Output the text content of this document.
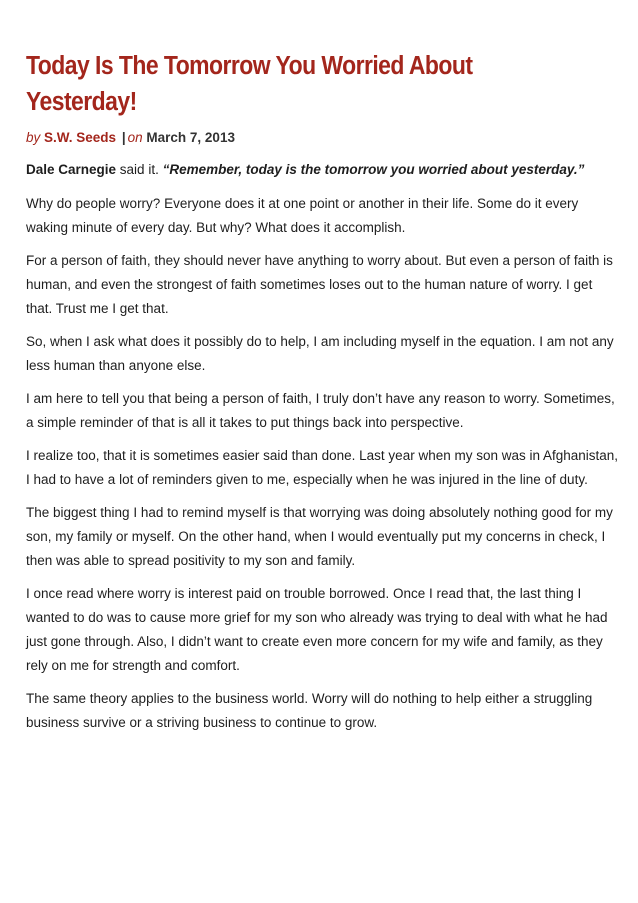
Today Is The Tomorrow You Worried About Yesterday!
by S.W. Seeds | on March 7, 2013
Dale Carnegie said it. “Remember, today is the tomorrow you worried about yesterday.”

Why do people worry? Everyone does it at one point or another in their life. Some do it every waking minute of every day. But why? What does it accomplish.

For a person of faith, they should never have anything to worry about. But even a person of faith is human, and even the strongest of faith sometimes loses out to the human nature of worry. I get that. Trust me I get that.

So, when I ask what does it possibly do to help, I am including myself in the equation. I am not any less human than anyone else.

I am here to tell you that being a person of faith, I truly don’t have any reason to worry. Sometimes, a simple reminder of that is all it takes to put things back into perspective.

I realize too, that it is sometimes easier said than done. Last year when my son was in Afghanistan, I had to have a lot of reminders given to me, especially when he was injured in the line of duty.

The biggest thing I had to remind myself is that worrying was doing absolutely nothing good for my son, my family or myself. On the other hand, when I would eventually put my concerns in check, I then was able to spread positivity to my son and family.

I once read where worry is interest paid on trouble borrowed. Once I read that, the last thing I wanted to do was to cause more grief for my son who already was trying to deal with what he had just gone through. Also, I didn’t want to create even more concern for my wife and family, as they rely on me for strength and comfort.

The same theory applies to the business world. Worry will do nothing to help either a struggling business survive or a striving business to continue to grow.
